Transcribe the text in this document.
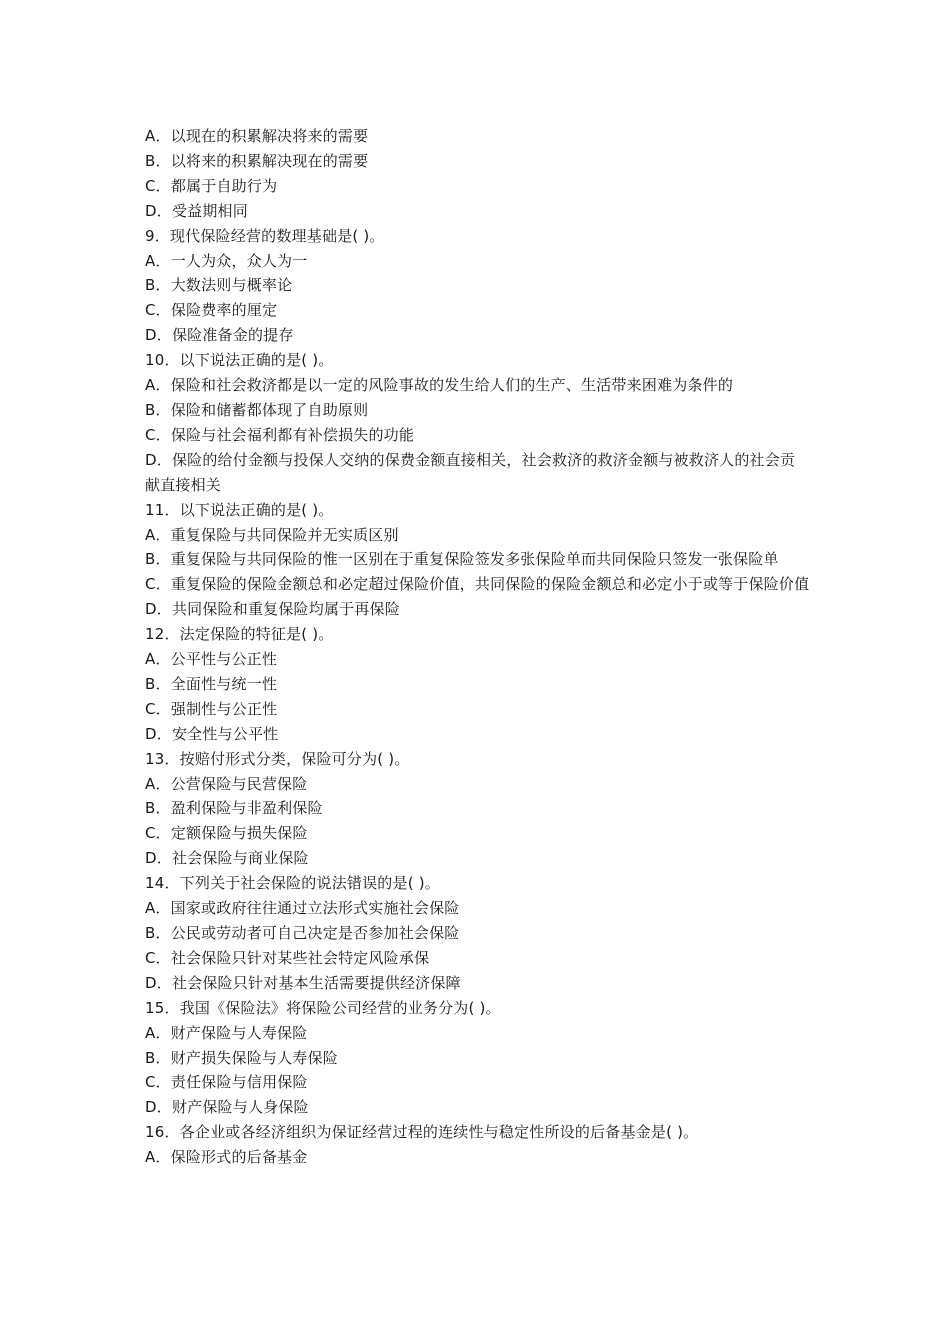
A．以现在的积累解决将来的需要

B．以将来的积累解决现在的需要

C．都属于自助行为

D．受益期相同

9．现代保险经营的数理基础是( )。

A．一人为众，众人为一

B．大数法则与概率论

C．保险费率的厘定

D．保险准备金的提存

10．以下说法正确的是( )。

A．保险和社会救济都是以一定的风险事故的发生给人们的生产、生活带来困难为条件的

B．保险和储蓄都体现了自助原则

C．保险与社会福利都有补偿损失的功能

D．保险的给付金额与投保人交纳的保费金额直接相关，社会救济的救济金额与被救济人的社会贡献直接相关

11．以下说法正确的是( )。

A．重复保险与共同保险并无实质区别

B．重复保险与共同保险的惟一区别在于重复保险签发多张保险单而共同保险只签发一张保险单

C．重复保险的保险金额总和必定超过保险价值，共同保险的保险金额总和必定小于或等于保险价值

D．共同保险和重复保险均属于再保险

12．法定保险的特征是( )。

A．公平性与公正性

B．全面性与统一性

C．强制性与公正性

D．安全性与公平性

13．按赔付形式分类，保险可分为( )。

A．公营保险与民营保险

B．盈利保险与非盈利保险

C．定额保险与损失保险

D．社会保险与商业保险

14．下列关于社会保险的说法错误的是( )。

A．国家或政府往往通过立法形式实施社会保险

B．公民或劳动者可自己决定是否参加社会保险

C．社会保险只针对某些社会特定风险承保

D．社会保险只针对基本生活需要提供经济保障

15．我国《保险法》将保险公司经营的业务分为( )。

A．财产保险与人寿保险

B．财产损失保险与人寿保险

C．责任保险与信用保险

D．财产保险与人身保险

16．各企业或各经济组织为保证经营过程的连续性与稳定性所设的后备基金是( )。

A．保险形式的后备基金
